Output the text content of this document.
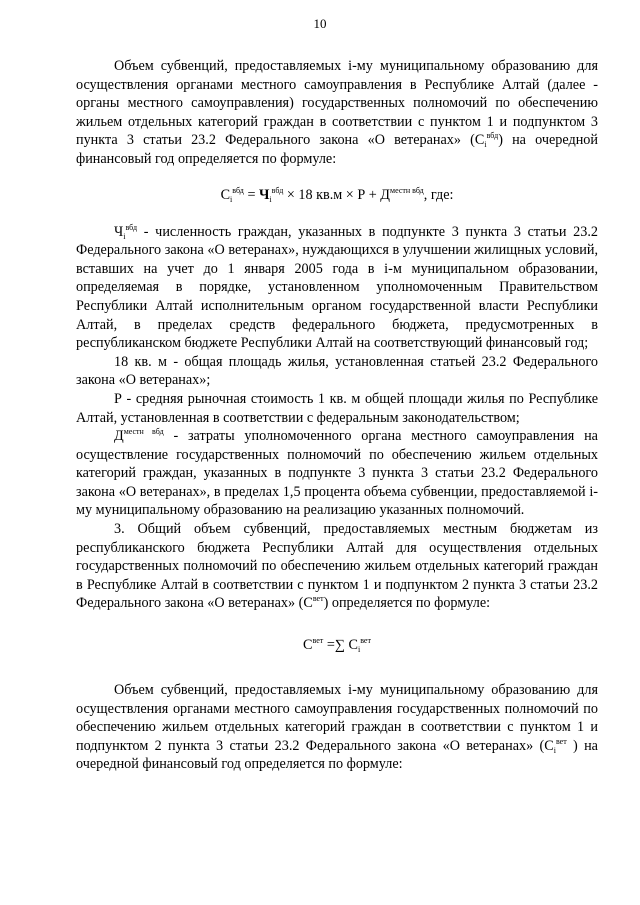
10

Объем субвенций, предоставляемых i-му муниципальному образованию для осуществления органами местного самоуправления в Республике Алтай (далее - органы местного самоуправления) государственных полномочий по обеспечению жильем отдельных категорий граждан в соответствии с пунктом 1 и подпунктом 3 пункта 3 статьи 23.2 Федерального закона «О ветеранах» $(С_i^{вбд})$ на очередной финансовый год определяется по формуле:

$С_i^{вбд} = Ч_i^{вбд} \times 18$ $кв.м \times Р + Д^{местн вбд}$, где:

$Ч_i^{вбд}$ - численность граждан, указанных в подпункте 3 пункта 3 статьи 23.2 Федерального закона «О ветеранах», нуждающихся в улучшении жилищных условий, вставших на учет до 1 января 2005 года в i-м муниципальном образовании, определяемая в порядке, установленном уполномоченным Правительством Республики Алтай исполнительным органом государственной власти Республики Алтай, в пределах средств федерального бюджета, предусмотренных в республиканском бюджете Республики Алтай на соответствующий финансовый год;

18 кв. м - общая площадь жилья, установленная статьей 23.2 Федерального закона «О ветеранах»;

Р - средняя рыночная стоимость 1 кв. м общей площади жилья по Республике Алтай, установленная в соответствии с федеральным законодательством;

$Д^{местн вбд}$ - затраты уполномоченного органа местного самоуправления на осуществление государственных полномочий по обеспечению жильем отдельных категорий граждан, указанных в подпункте 3 пункта 3 статьи 23.2 Федерального закона «О ветеранах», в пределах 1,5 процента объема субвенции, предоставляемой i-му муниципальному образованию на реализацию указанных полномочий.

3. Общий объем субвенций, предоставляемых местным бюджетам из республиканского бюджета Республики Алтай для осуществления отдельных государственных полномочий по обеспечению жильем отдельных категорий граждан в Республике Алтай в соответствии с пунктом 1 и подпунктом 2 пункта 3 статьи 23.2 Федерального закона «О ветеранах» $(С^{вет})$ определяется по формуле:

$С^{вет}$ =∑ $С_i^{вет}$

Объем субвенций, предоставляемых i-му муниципальному образованию для осуществления органами местного самоуправления государственных полномочий по обеспечению жильем отдельных категорий граждан в соответствии с пунктом 1 и подпунктом 2 пункта 3 статьи 23.2 Федерального закона «О ветеранах» ($С_i^{вет}$ ) на очередной финансовый год определяется по формуле:
